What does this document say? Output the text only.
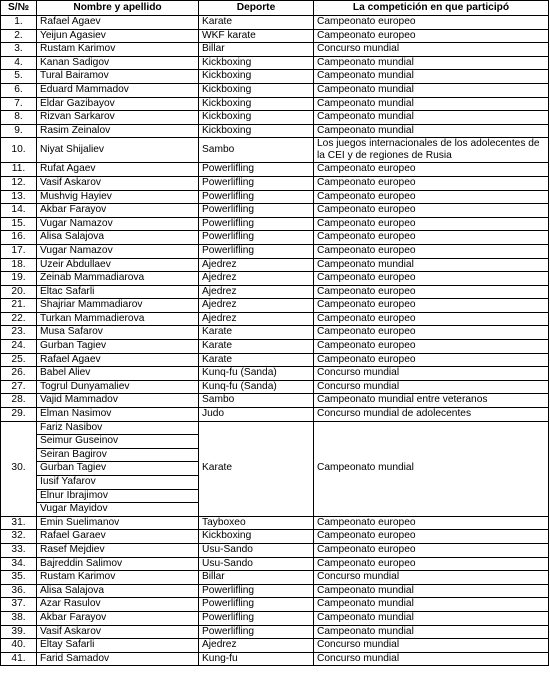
S/№	Nombre y apellido	Deporte	La competición en que participó
1.	Rafael Agaev	Karate	Campeonato europeo
2.	Yeijun Agasiev	WKF karate	Campeonato europeo
3.	Rustam Karimov	Billar	Concurso mundial
4.	Kanan Sadigov	Kickboxing	Campeonato mundial
5.	Tural Bairamov	Kickboxing	Campeonato mundial
6.	Eduard Mammadov	Kickboxing	Campeonato mundial
7.	Eldar Gazibayov	Kickboxing	Campeonato mundial
8.	Rizvan Sarkarov	Kickboxing	Campeonato mundial
9.	Rasim Zeinalov	Kickboxing	Campeonato mundial
10.	Niyat Shijaliev	Sambo	Los juegos internacionales de los adolecentes de la CEI y de regiones de Rusia
11.	Rufat Agaev	Powerlifling	Campeonato europeo
12.	Vasif Askarov	Powerlifling	Campeonato europeo
13.	Mushvig Hayiev	Powerlifling	Campeonato europeo
14.	Akbar Farayov	Powerlifling	Campeonato europeo
15.	Vugar Namazov	Powerlifling	Campeonato europeo
16.	Alisa Salajova	Powerlifling	Campeonato europeo
17.	Vugar Namazov	Powerlifling	Campeonato europeo
18.	Uzeir Abdullaev	Ajedrez	Campeonato mundial
19.	Zeinab Mammadiarova	Ajedrez	Campeonato europeo
20.	Eltac Safarli	Ajedrez	Campeonato europeo
21.	Shajriar Mammadiarov	Ajedrez	Campeonato europeo
22.	Turkan Mammadierova	Ajedrez	Campeonato europeo
23.	Musa Safarov	Karate	Campeonato europeo
24.	Gurban Tagiev	Karate	Campeonato europeo
25.	Rafael Agaev	Karate	Campeonato europeo
26.	Babel Aliev	Kunq-fu (Sanda)	Concurso mundial
27.	Togrul Dunyamaliev	Kunq-fu (Sanda)	Concurso mundial
28.	Vajid Mammadov	Sambo	Campeonato mundial entre veteranos
29.	Elman Nasimov	Judo	Concurso mundial de adolecentes
30.	Fariz Nasibov	Karate	Campeonato mundial
	Seimur Guseinov		
	Seiran Bagirov		
	Gurban Tagiev		
	Iusif Yafarov		
	Elnur Ibrajimov		
	Vugar Mayidov		
31.	Emin Suelimanov	Tayboxeo	Campeonato europeo
32.	Rafael Garaev	Kickboxing	Campeonato europeo
33.	Rasef Mejdiev	Usu-Sando	Campeonato europeo
34.	Bajreddin Salimov	Usu-Sando	Campeonato europeo
35.	Rustam Karimov	Billar	Concurso mundial
36.	Alisa Salajova	Powerlifling	Campeonato mundial
37.	Azar Rasulov	Powerlifling	Campeonato mundial
38.	Akbar Farayov	Powerlifling	Campeonato mundial
39.	Vasif Askarov	Powerlifling	Campeonato mundial
40.	Eltay Safarli	Ajedrez	Concurso mundial
41.	Farid Samadov	Kung-fu	Concurso mundial
